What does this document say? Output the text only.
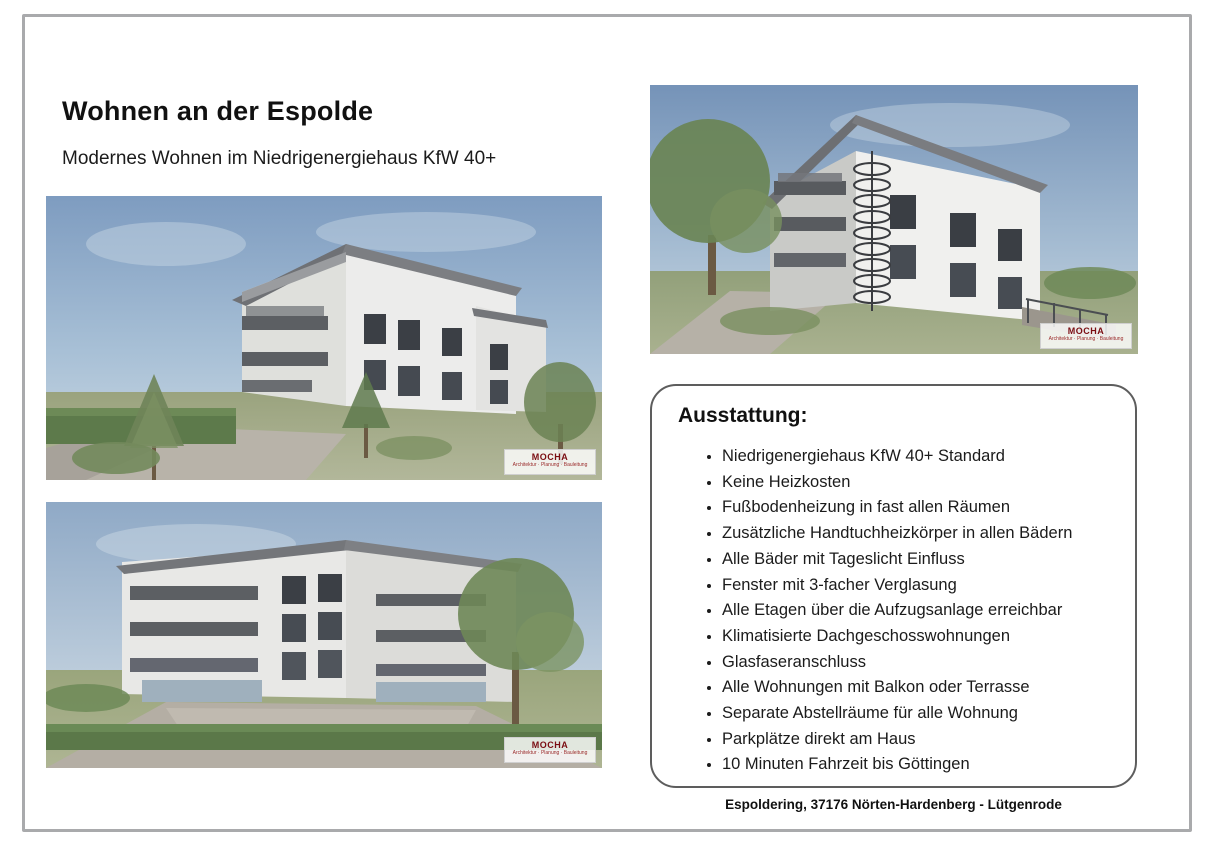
Wohnen an der Espolde
Modernes Wohnen im Niedrigenergiehaus KfW 40+
MOCHA
Architektur · Planung · Bauleitung
MOCHA
Architektur · Planung · Bauleitung
MOCHA
Architektur · Planung · Bauleitung
Ausstattung:
• Niedrigenergiehaus KfW 40+ Standard
• Keine Heizkosten
• Fußbodenheizung in fast allen Räumen
• Zusätzliche Handtuchheizkörper in allen Bädern
• Alle Bäder mit Tageslicht Einfluss
• Fenster mit 3-facher Verglasung
• Alle Etagen über die Aufzugsanlage erreichbar
• Klimatisierte Dachgeschosswohnungen
• Glasfaseranschluss
• Alle Wohnungen mit Balkon oder Terrasse
• Separate Abstellräume für alle Wohnung
• Parkplätze direkt am Haus
• 10 Minuten Fahrzeit bis Göttingen
Espoldering, 37176 Nörten-Hardenberg - Lütgenrode
